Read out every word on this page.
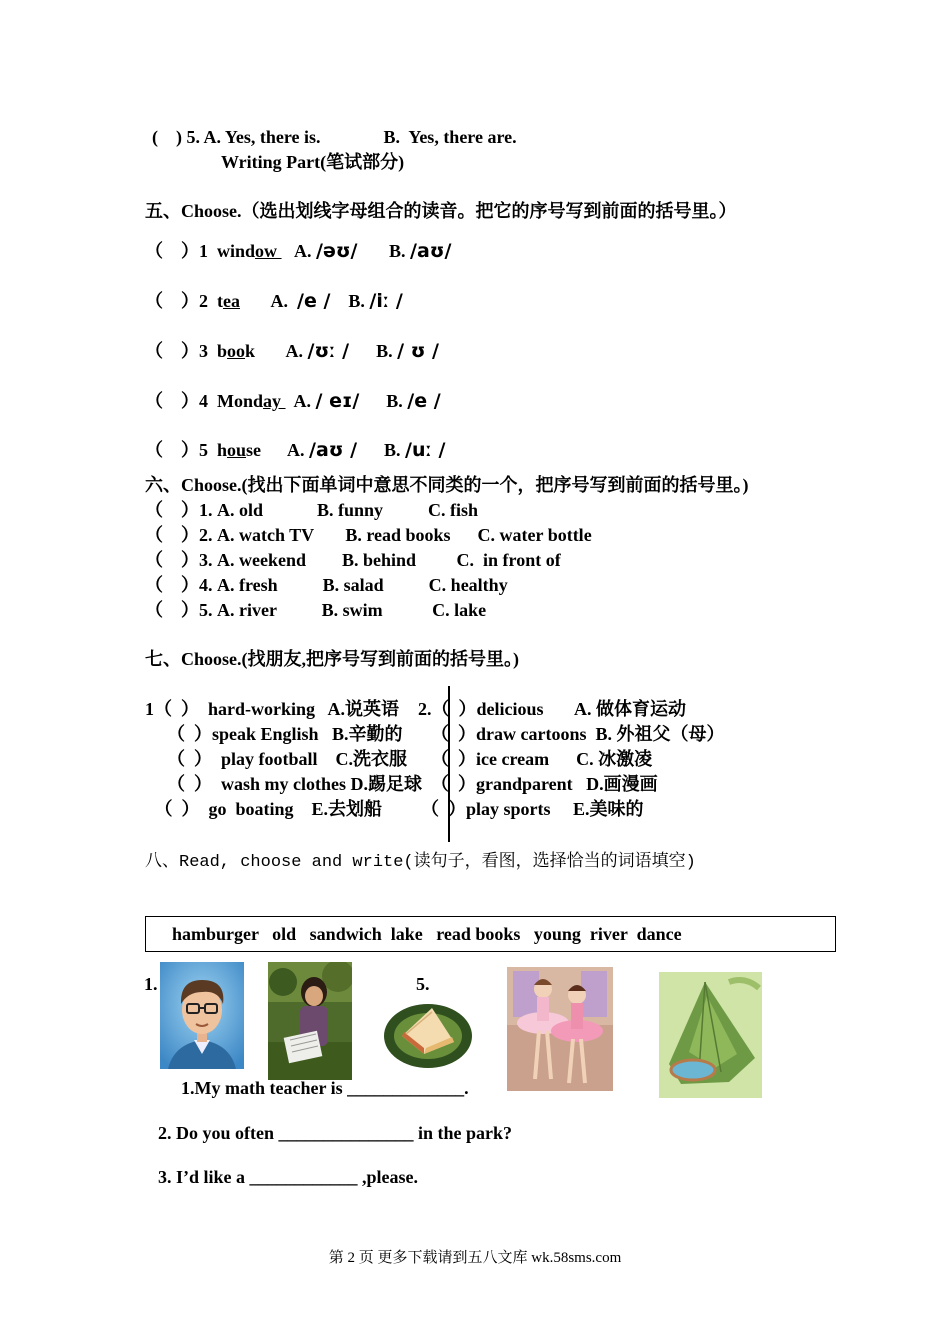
(    ) 5. A. Yes, there is.              B.  Yes, there are.
Writing Part(笔试部分)
五、Choose.（选出划线字母组合的读音。把它的序号写到前面的括号里。）
（    ）1  window    A. /əʊ/       B. /aʊ/
（    ）2  tea       A.  /e /    B. /iː /
（    ）3  book       A. /ʊː /      B. / ʊ /
（    ）4  Monday   A. / eɪ/      B. /e /
（    ）5  house      A. /aʊ /      B. /uː /
六、Choose.(找出下面单词中意思不同类的一个，把序号写到前面的括号里。)
（    ）1. A. old            B. funny          C. fish
（    ）2. A. watch TV       B. read books      C. water bottle
（    ）3. A. weekend        B. behind         C.  in front of
（    ）4. A. fresh          B. salad          C. healthy
（    ）5. A. river          B. swim           C. lake
七、Choose.(找朋友,把序号写到前面的括号里。)
1（  ）  hard-working   A.说英语
（  ）speak English   B.辛勤的
（  ）  play football    C.洗衣服
（  ）  wash my clothes D.踢足球
（  ）  go  boating    E.去划船
2.（  ）delicious       A. 做体育运动
（  ）draw cartoons  B. 外祖父（母）
（  ）ice cream      C. 冰激凌
（  ）grandparent   D.画漫画
（  ）play sports     E.美味的
八、Read, choose and write(读句子，看图，选择恰当的词语填空)
hamburger   old   sandwich  lake   read books   young  river  dance
1.	5.
1.My math teacher is _____________.
2. Do you often _______________ in the park?
3. I’d like a ____________ ,please.
第 2 页 更多下载请到五八文库 wk.58sms.com
